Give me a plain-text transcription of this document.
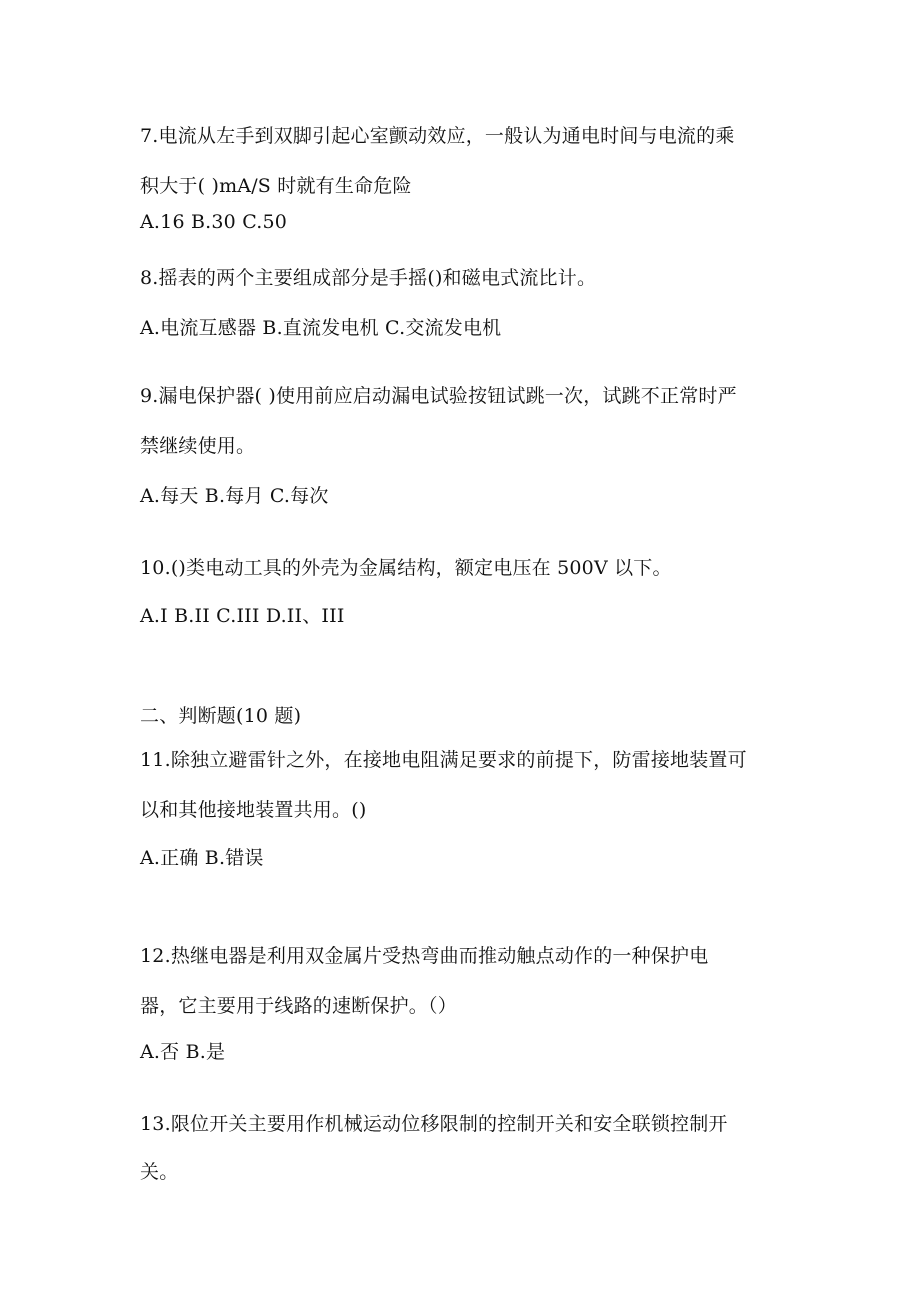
7.电流从左手到双脚引起心室颤动效应，一般认为通电时间与电流的乘
积大于( )mA/S 时就有生命危险
A.16 B.30 C.50
8.摇表的两个主要组成部分是手摇()和磁电式流比计。
A.电流互感器 B.直流发电机 C.交流发电机
9.漏电保护器( )使用前应启动漏电试验按钮试跳一次，试跳不正常时严
禁继续使用。
A.每天 B.每月 C.每次
10.()类电动工具的外壳为金属结构，额定电压在 500V 以下。
A.I B.II C.III D.II、III
二、判断题(10 题)
11.除独立避雷针之外，在接地电阻满足要求的前提下，防雷接地装置可
以和其他接地装置共用。()
A.正确 B.错误
12.热继电器是利用双金属片受热弯曲而推动触点动作的一种保护电
器，它主要用于线路的速断保护。（）
A.否 B.是
13.限位开关主要用作机械运动位移限制的控制开关和安全联锁控制开
关。
